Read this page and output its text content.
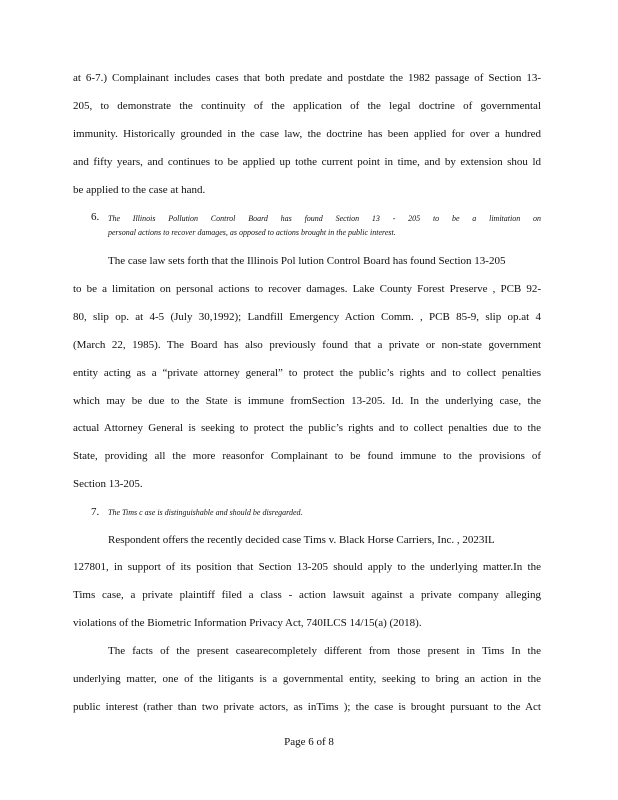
at 6-7.) Complainant includes cases that both predate and postdate the 1982 passage of Section 13-
205, to demonstrate the continuity of the application of the legal doctrine of governmental
immunity. Historically grounded in the case law, the doctrine has been applied for over a hundred
and fifty years, and continues to be applied up tothe current point in time, and by extension shou ld
be applied to the case at hand.
6. The Illinois Pollution Control Board has found Section 13 - 205 to be a limitation on
personal actions to recover damages, as opposed to actions brought in the public interest.
The case law sets forth that the Illinois Pol lution Control Board has found Section 13-205
to be a limitation on personal actions to recover damages. Lake County Forest Preserve , PCB 92-
80, slip op. at 4-5 (July 30,1992); Landfill Emergency Action Comm. , PCB 85-9, slip op.at 4
(March 22, 1985). The Board has also previously found that a private or non-state government
entity acting as a “private attorney general” to protect the public’s rights and to collect penalties
which may be due to the State is immune fromSection 13-205. Id. In the underlying case, the
actual Attorney General is seeking to protect the public’s rights and to collect penalties due to the
State, providing all the more reasonfor Complainant to be found immune to the provisions of
Section 13-205.
7. The Tims c ase is distinguishable and should be disregarded.
Respondent offers the recently decided case Tims v. Black Horse Carriers, Inc. , 2023IL
127801, in support of its position that Section 13-205 should apply to the underlying matter.In the
Tims case, a private plaintiff filed a class - action lawsuit against a private company alleging
violations of the Biometric Information Privacy Act, 740ILCS 14/15(a) (2018).
The facts of the present casearecompletely different from those present in Tims In the
underlying matter, one of the litigants is a governmental entity, seeking to bring an action in the
public interest (rather than two private actors, as inTims ); the case is brought pursuant to the Act
Page 6 of 8
